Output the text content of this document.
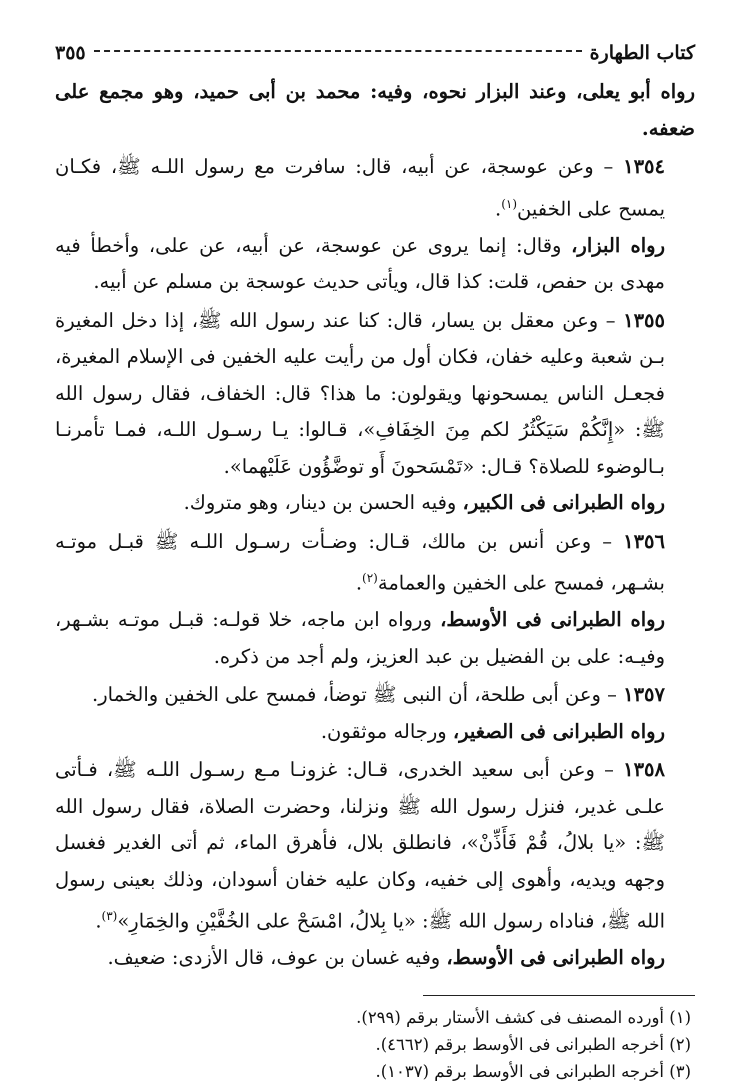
كتاب الطهارة
٣٥٥

رواه أبو يعلى، وعند البزار نحوه، وفيه: محمد بن أبى حميد، وهو مجمع على ضعفه.

١٣٥٤ – وعن عوسجة، عن أبيه، قال: سافرت مع رسول اللـه ﷺ، فكـان يمسح على الخفين$^{(١)}$.

رواه البزار، وقال: إنما يروى عن عوسجة، عن أبيه، عن على، وأخطأ فيه مهدى بن حفص، قلت: كذا قال، ويأتى حديث عوسجة بن مسلم عن أبيه.

١٣٥٥ – وعن معقل بن يسار، قال: كنا عند رسول الله ﷺ، إذا دخل المغيرة بـن شعبة وعليه خفان، فكان أول من رأيت عليه الخفين فى الإسلام المغيرة، فجعـل الناس يمسحونها ويقولون: ما هذا؟ قال: الخفاف، فقال رسول الله ﷺ: «إِنَّكُمْ سَيَكْثُرُ لكم مِنَ الخِفَافِ»، قـالوا: يـا رسـول اللـه، فمـا تأمرنـا بـالوضوء للصلاة؟ قـال: «تَمْسَحونَ أَو توضَّؤُون عَلَيْهما».

رواه الطبرانى فى الكبير، وفيه الحسن بن دينار، وهو متروك.

١٣٥٦ – وعن أنس بن مالك، قـال: وضـأت رسـول اللـه ﷺ قبـل موتـه بشـهر، فمسح على الخفين والعمامة$^{(٢)}$.

رواه الطبرانى فى الأوسط، ورواه ابن ماجه، خلا قولـه: قبـل موتـه بشـهر، وفيـه: على بن الفضيل بن عبد العزيز، ولم أجد من ذكره.

١٣٥٧ – وعن أبى طلحة، أن النبى ﷺ توضأ، فمسح على الخفين والخمار.

رواه الطبرانى فى الصغير، ورجاله موثقون.

١٣٥٨ – وعن أبى سعيد الخدرى، قـال: غزونـا مـع رسـول اللـه ﷺ، فـأتى علـى غدير، فنزل رسول الله ﷺ ونزلنا، وحضرت الصلاة، فقال رسول الله ﷺ: «يا بلالُ، قُمْ فَأَذِّنْ»، فانطلق بلال، فأهرق الماء، ثم أتى الغدير فغسل وجهه ويديه، وأهوى إلى خفيه، وكان عليه خفان أسودان، وذلك بعينى رسول الله ﷺ، فناداه رسول الله ﷺ: «يا بِلالُ، امْسَحْ على الخُفَّيْنِ والخِمَارِ»$^{(٣)}$.

رواه الطبرانى فى الأوسط، وفيه غسان بن عوف، قال الأزدى: ضعيف.

(١) أورده المصنف فى كشف الأستار برقم (٢٩٩).
(٢) أخرجه الطبرانى فى الأوسط برقم (٤٦٦٢).
(٣) أخرجه الطبرانى فى الأوسط برقم (١٠٣٧).
